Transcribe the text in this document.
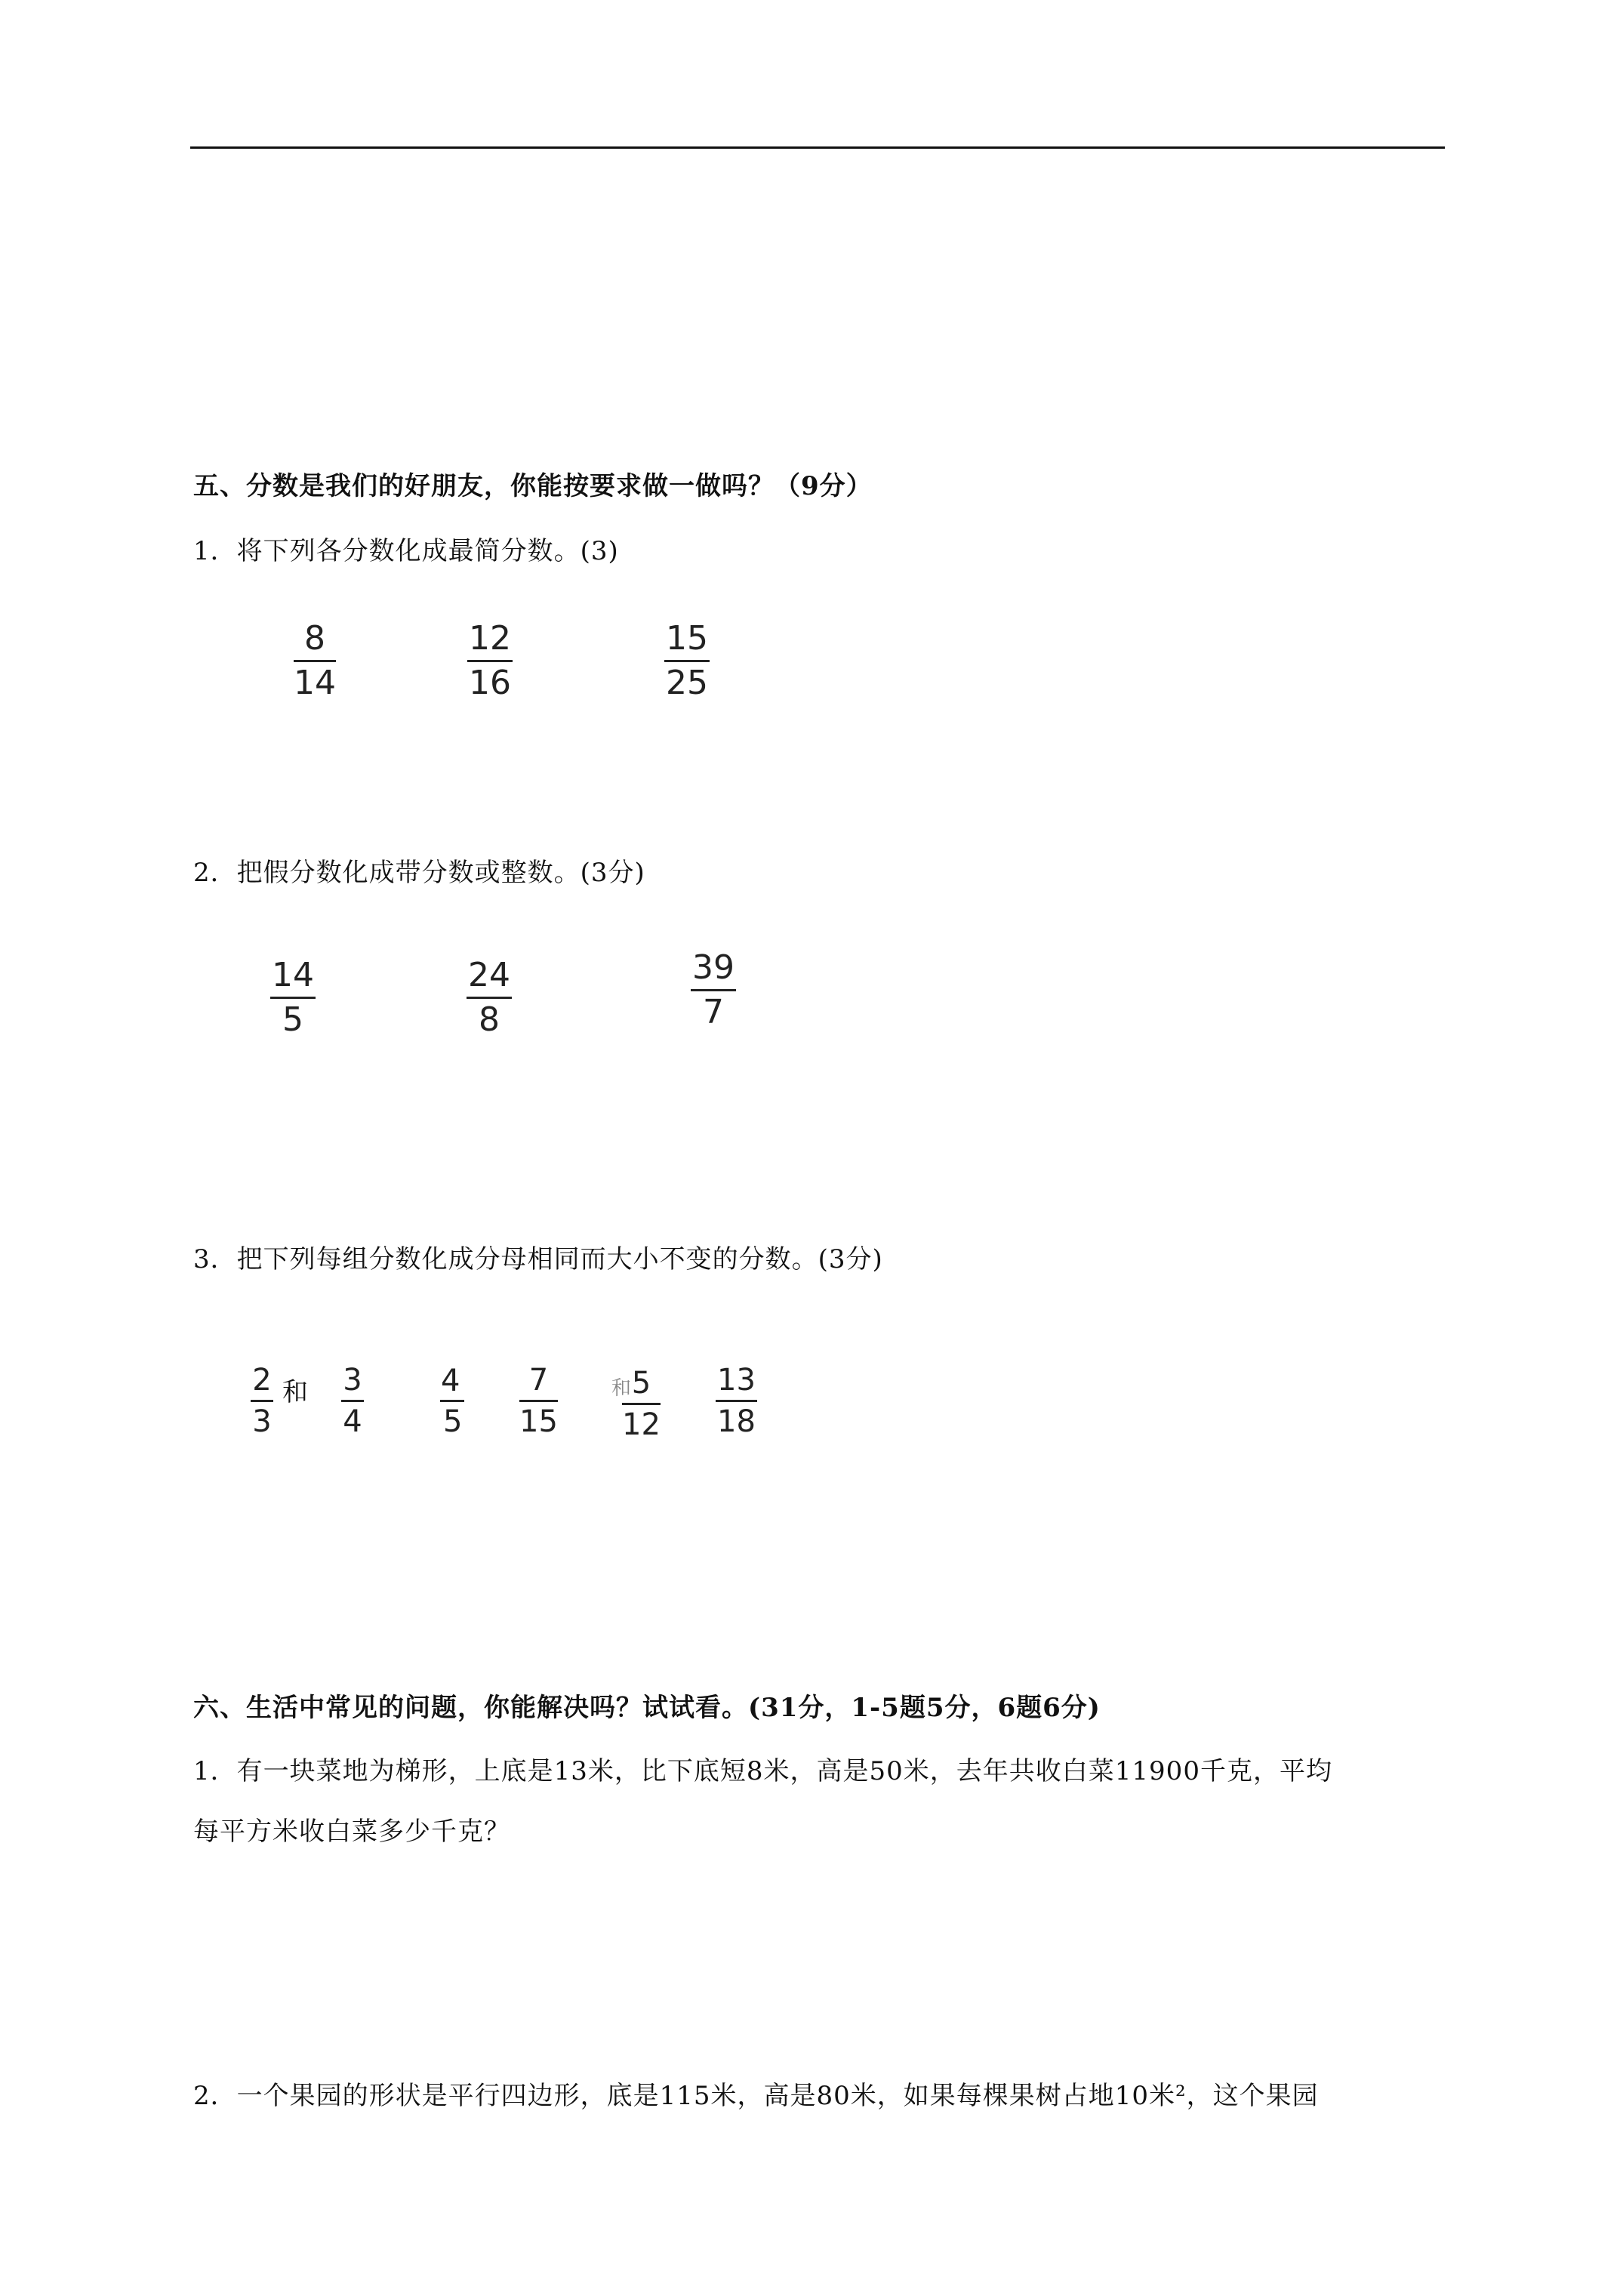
五、分数是我们的好朋友，你能按要求做一做吗？（9分）
1．将下列各分数化成最简分数。(3)
8
14
12
16
15
25
2．把假分数化成带分数或整数。(3分)
14
5
24
8
39
7
3．把下列每组分数化成分母相同而大小不变的分数。(3分)
2
3
和 3
4
4
5
7
15
和 5
12
13
18
六、生活中常见的问题，你能解决吗？试试看。(31分，1-5题5分，6题6分)
1．有一块菜地为梯形，上底是13米，比下底短8米，高是50米，去年共收白菜11900千克，平均
每平方米收白菜多少千克？
2．一个果园的形状是平行四边形，底是115米，高是80米，如果每棵果树占地10米²，这个果园
